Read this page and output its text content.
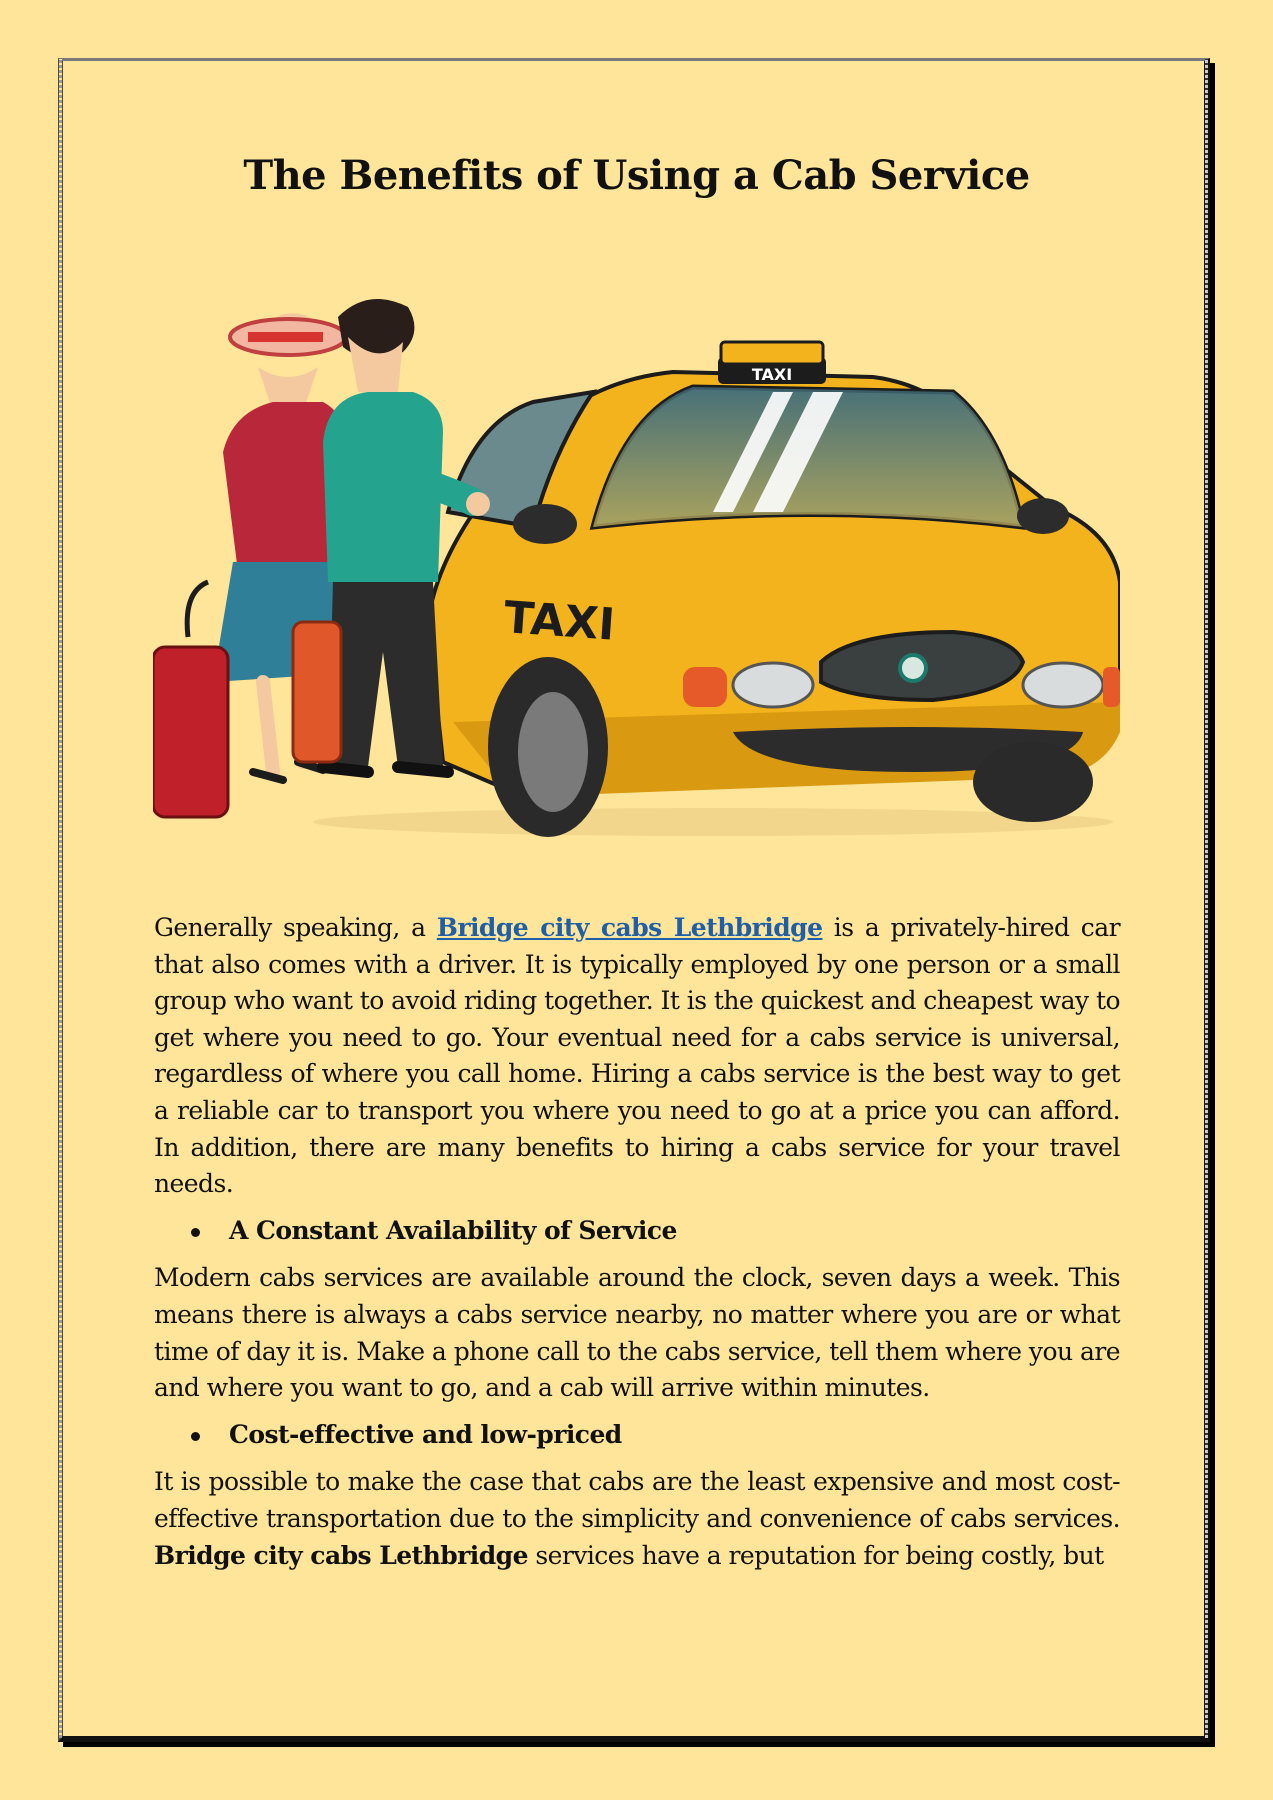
The Benefits of Using a Cab Service
TAXI
TAXI

Generally speaking, a Bridge city cabs Lethbridge is a privately-hired car that also comes with a driver. It is typically employed by one person or a small group who want to avoid riding together. It is the quickest and cheapest way to get where you need to go. Your eventual need for a cabs service is universal, regardless of where you call home. Hiring a cabs service is the best way to get a reliable car to transport you where you need to go at a price you can afford. In addition, there are many benefits to hiring a cabs service for your travel needs.

A Constant Availability of Service

Modern cabs services are available around the clock, seven days a week. This means there is always a cabs service nearby, no matter where you are or what time of day it is. Make a phone call to the cabs service, tell them where you are and where you want to go, and a cab will arrive within minutes.

Cost-effective and low-priced

It is possible to make the case that cabs are the least expensive and most cost-effective transportation due to the simplicity and convenience of cabs services. Bridge city cabs Lethbridge services have a reputation for being costly, but
